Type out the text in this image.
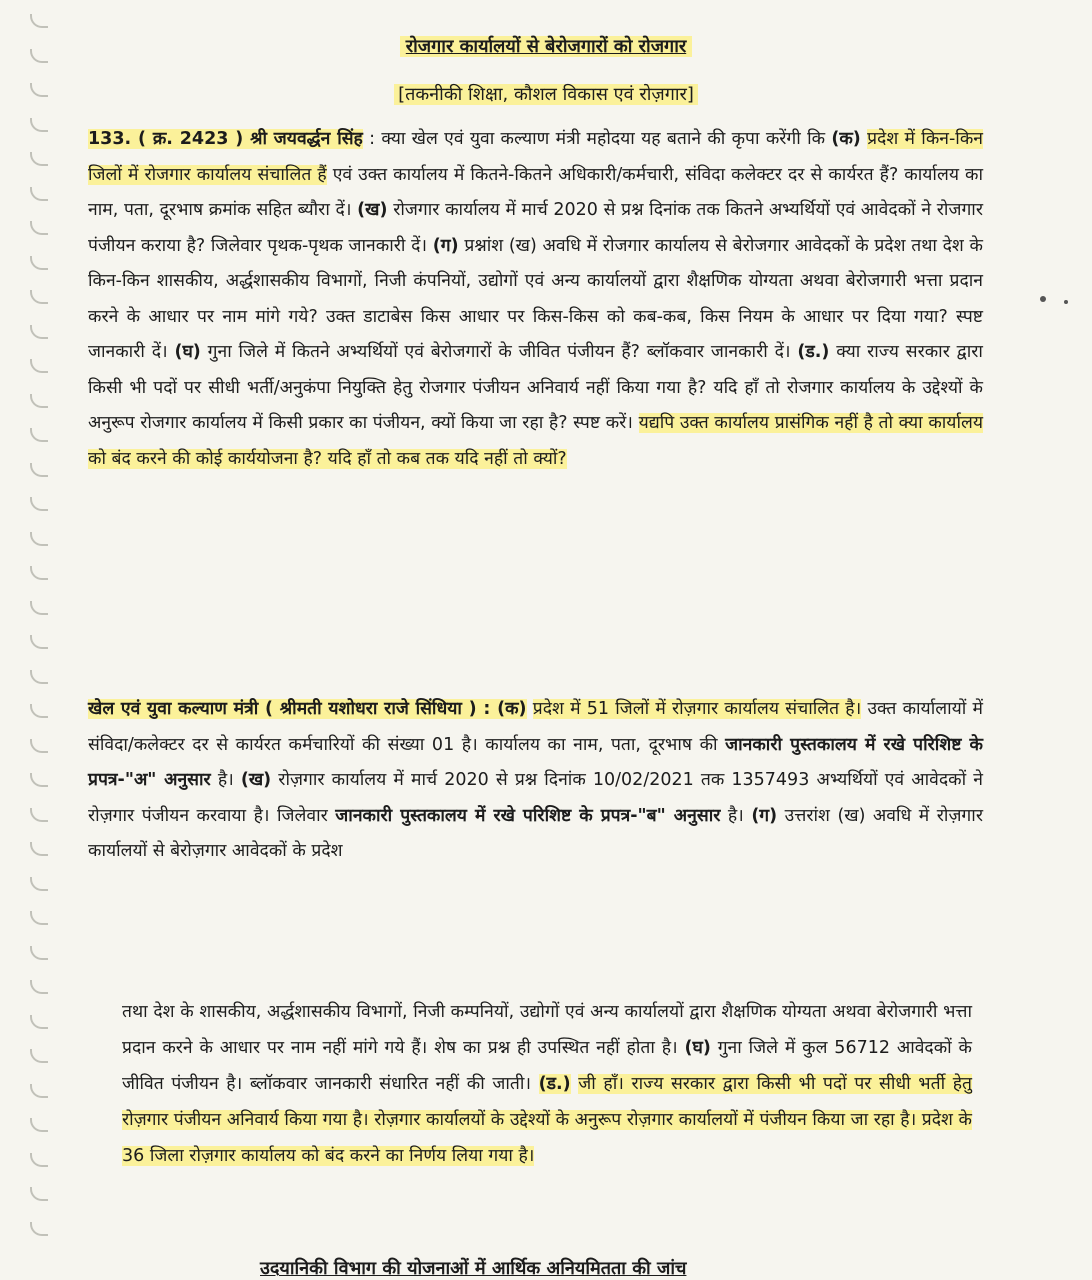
रोजगार कार्यालयों से बेरोजगारों को रोजगार
[तकनीकी शिक्षा, कौशल विकास एवं रोज़गार]
133. ( क्र. 2423 ) श्री जयवर्द्धन सिंह : क्या खेल एवं युवा कल्याण मंत्री महोदया यह बताने की कृपा करेंगी कि (क) प्रदेश में किन-किन जिलों में रोजगार कार्यालय संचालित हैं एवं उक्त कार्यालय में कितने-कितने अधिकारी/कर्मचारी, संविदा कलेक्टर दर से कार्यरत हैं? कार्यालय का नाम, पता, दूरभाष क्रमांक सहित ब्यौरा दें। (ख) रोजगार कार्यालय में मार्च 2020 से प्रश्न दिनांक तक कितने अभ्यर्थियों एवं आवेदकों ने रोजगार पंजीयन कराया है? जिलेवार पृथक-पृथक जानकारी दें। (ग) प्रश्नांश (ख) अवधि में रोजगार कार्यालय से बेरोजगार आवेदकों के प्रदेश तथा देश के किन-किन शासकीय, अर्द्धशासकीय विभागों, निजी कंपनियों, उद्योगों एवं अन्य कार्यालयों द्वारा शैक्षणिक योग्यता अथवा बेरोजगारी भत्ता प्रदान करने के आधार पर नाम मांगे गये? उक्त डाटाबेस किस आधार पर किस-किस को कब-कब, किस नियम के आधार पर दिया गया? स्पष्ट जानकारी दें। (घ) गुना जिले में कितने अभ्यर्थियों एवं बेरोजगारों के जीवित पंजीयन हैं? ब्लॉकवार जानकारी दें। (ड.) क्या राज्य सरकार द्वारा किसी भी पदों पर सीधी भर्ती/अनुकंपा नियुक्ति हेतु रोजगार पंजीयन अनिवार्य नहीं किया गया है? यदि हाँ तो रोजगार कार्यालय के उद्देश्यों के अनुरूप रोजगार कार्यालय में किसी प्रकार का पंजीयन, क्यों किया जा रहा है? स्पष्ट करें। यद्यपि उक्त कार्यालय प्रासंगिक नहीं है तो क्या कार्यालय को बंद करने की कोई कार्ययोजना है? यदि हाँ तो कब तक यदि नहीं तो क्यों?
खेल एवं युवा कल्याण मंत्री ( श्रीमती यशोधरा राजे सिंधिया ) : (क) प्रदेश में 51 जिलों में रोज़गार कार्यालय संचालित है। उक्त कार्यालायों में संविदा/कलेक्टर दर से कार्यरत कर्मचारियों की संख्या 01 है। कार्यालय का नाम, पता, दूरभाष की जानकारी पुस्तकालय में रखे परिशिष्ट के प्रपत्र-"अ" अनुसार है। (ख) रोज़गार कार्यालय में मार्च 2020 से प्रश्न दिनांक 10/02/2021 तक 1357493 अभ्यर्थियों एवं आवेदकों ने रोज़गार पंजीयन करवाया है। जिलेवार जानकारी पुस्तकालय में रखे परिशिष्ट के प्रपत्र-"ब" अनुसार है। (ग) उत्तरांश (ख) अवधि में रोज़गार कार्यालयों से बेरोज़गार आवेदकों के प्रदेश
तथा देश के शासकीय, अर्द्धशासकीय विभागों, निजी कम्पनियों, उद्योगों एवं अन्य कार्यालयों द्वारा शैक्षणिक योग्यता अथवा बेरोजगारी भत्ता प्रदान करने के आधार पर नाम नहीं मांगे गये हैं। शेष का प्रश्न ही उपस्थित नहीं होता है। (घ) गुना जिले में कुल 56712 आवेदकों के जीवित पंजीयन है। ब्लॉकवार जानकारी संधारित नहीं की जाती। (ड.) जी हाँ। राज्य सरकार द्वारा किसी भी पदों पर सीधी भर्ती हेतु रोज़गार पंजीयन अनिवार्य किया गया है। रोज़गार कार्यालयों के उद्देश्यों के अनुरूप रोज़गार कार्यालयों में पंजीयन किया जा रहा है। प्रदेश के 36 जिला रोज़गार कार्यालय को बंद करने का निर्णय लिया गया है।
उदयानिकी विभाग की योजनाओं में आर्थिक अनियमितता की जांच
